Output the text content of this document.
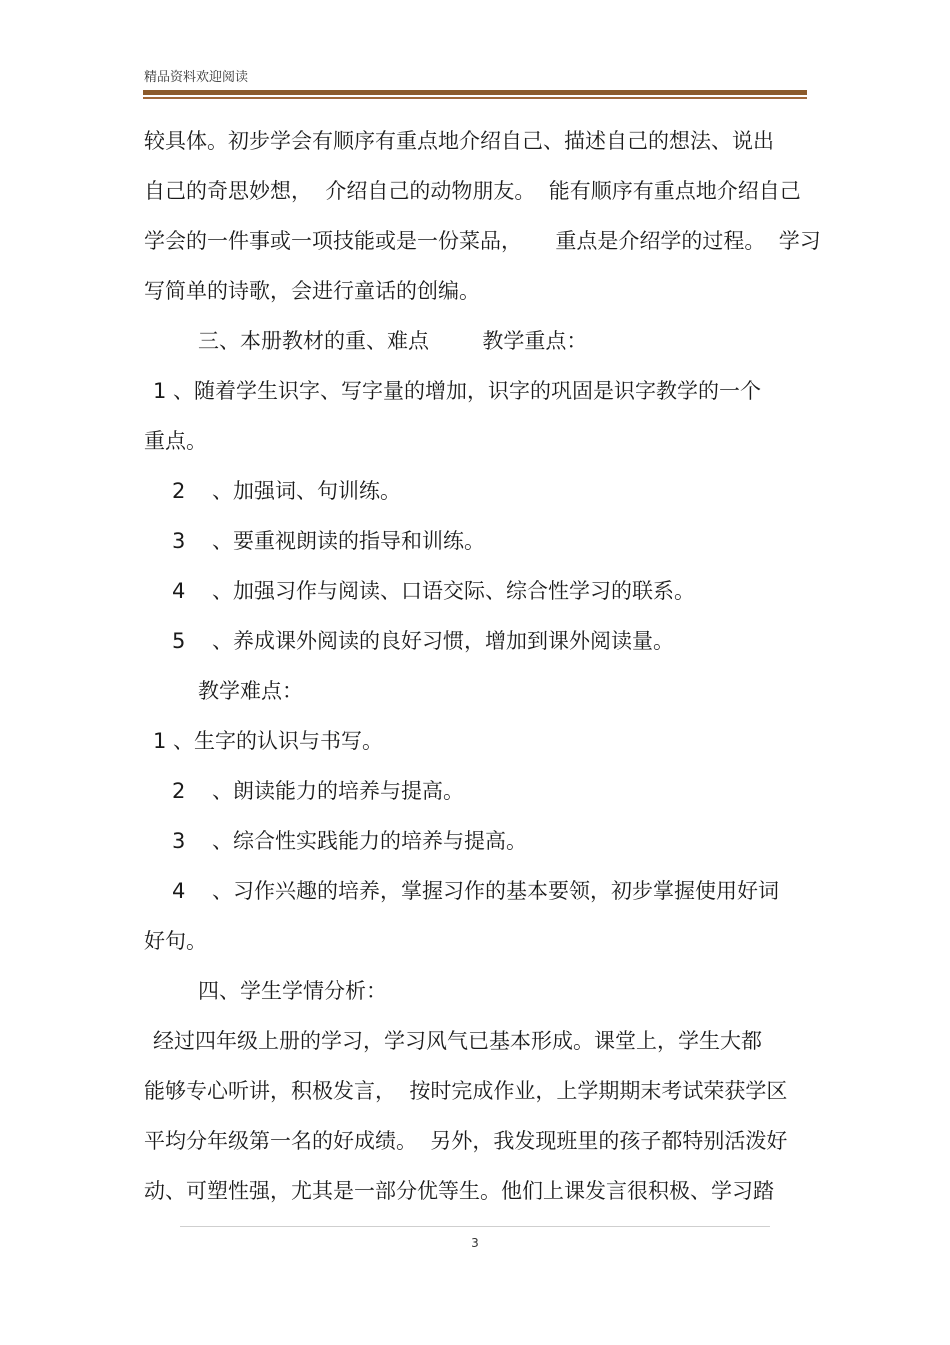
精品资料欢迎阅读
较具体。初步学会有顺序有重点地介绍自己、描述自己的想法、说出
自己的奇思妙想，  介绍自己的动物朋友。  能有顺序有重点地介绍自己
学会的一件事或一项技能或是一份菜品，     重点是介绍学的过程。  学习
写简单的诗歌，会进行童话的创编。
三、本册教材的重、难点        教学重点：
1 、随着学生识字、写字量的增加，识字的巩固是识字教学的一个
重点。
2    、加强词、句训练。
3    、要重视朗读的指导和训练。
4    、加强习作与阅读、口语交际、综合性学习的联系。
5    、养成课外阅读的良好习惯，增加到课外阅读量。
教学难点：
1 、生字的认识与书写。
2    、朗读能力的培养与提高。
3    、综合性实践能力的培养与提高。
4    、习作兴趣的培养，掌握习作的基本要领，初步掌握使用好词
好句。
四、学生学情分析：
经过四年级上册的学习，学习风气已基本形成。课堂上，学生大都
能够专心听讲，积极发言，  按时完成作业，上学期期末考试荣获学区
平均分年级第一名的好成绩。  另外，我发现班里的孩子都特别活泼好
动、可塑性强，尤其是一部分优等生。他们上课发言很积极、学习踏
3
